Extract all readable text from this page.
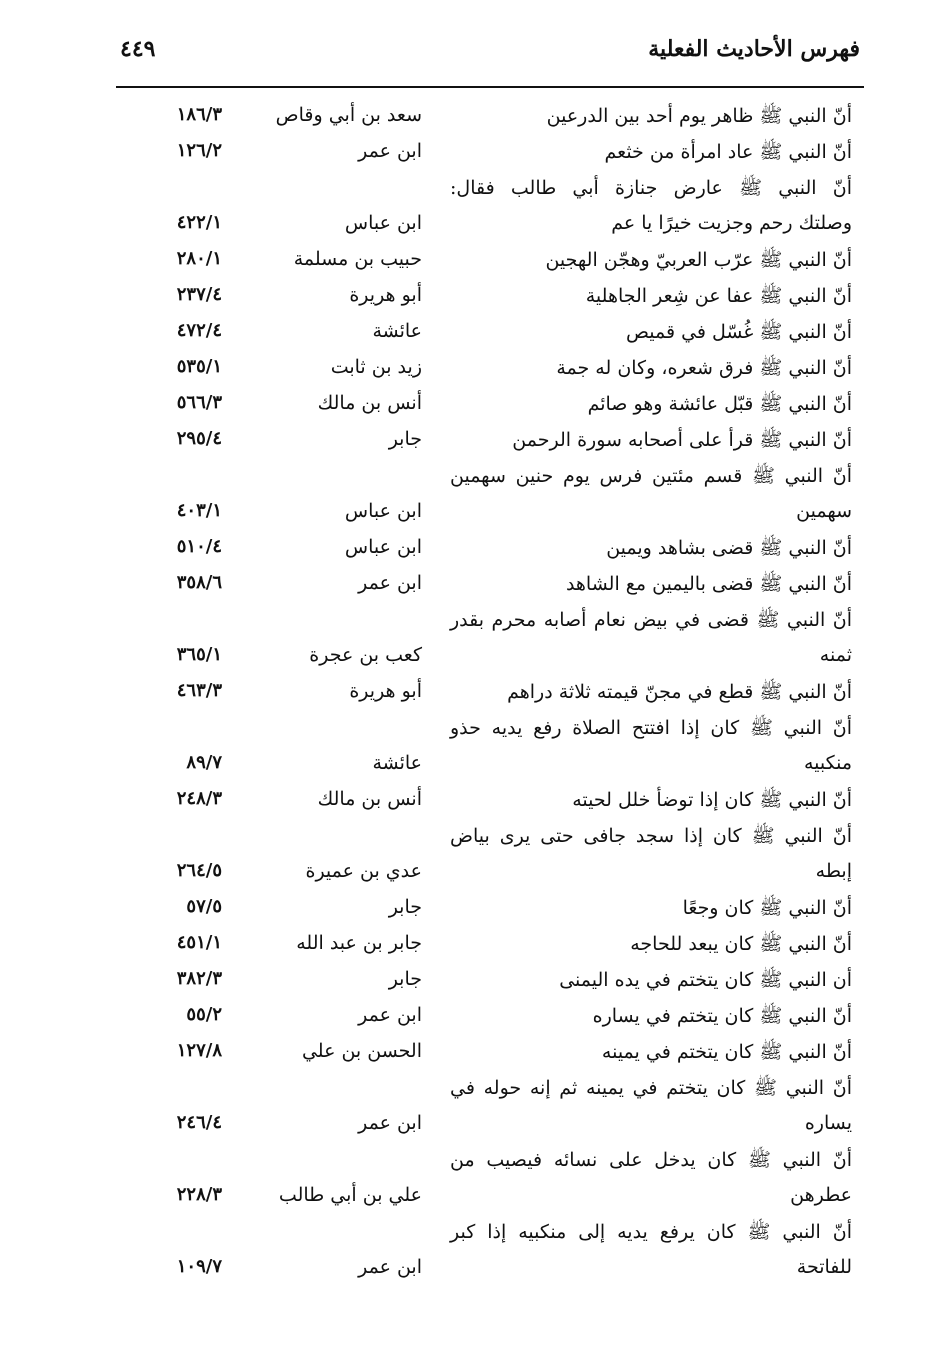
فهرس الأحاديث الفعلية
٤٤٩
أنّ النبي ﷺ ظاهر يوم أحد بين الدرعين
سعد بن أبي وقاص
١٨٦/٣
أنّ النبي ﷺ عاد امرأة من خثعم
ابن عمر
١٢٦/٢
أنّ النبي ﷺ عارض جنازة أبي طالب فقال:
وصلتك رحم وجزيت خيرًا يا عم
ابن عباس
٤٢٢/١
أنّ النبي ﷺ عرّب العربيّ وهجّن الهجين
حبيب بن مسلمة
٢٨٠/١
أنّ النبي ﷺ عفا عن شِعر الجاهلية
أبو هريرة
٢٣٧/٤
أنّ النبي ﷺ غُسّل في قميص
عائشة
٤٧٢/٤
أنّ النبي ﷺ فرق شعره، وكان له جمة
زيد بن ثابت
٥٣٥/١
أنّ النبي ﷺ قبّل عائشة وهو صائم
أنس بن مالك
٥٦٦/٣
أنّ النبي ﷺ قرأ على أصحابه سورة الرحمن
جابر
٢٩٥/٤
أنّ النبي ﷺ قسم مئتين فرس يوم حنين سهمين
سهمين
ابن عباس
٤٠٣/١
أنّ النبي ﷺ قضى بشاهد ويمين
ابن عباس
٥١٠/٤
أنّ النبي ﷺ قضى باليمين مع الشاهد
ابن عمر
٣٥٨/٦
أنّ النبي ﷺ قضى في بيض نعام أصابه محرم بقدر
ثمنه
كعب بن عجرة
٣٦٥/١
أنّ النبي ﷺ قطع في مجنّ قيمته ثلاثة دراهم
أبو هريرة
٤٦٣/٣
أنّ النبي ﷺ كان إذا افتتح الصلاة رفع يديه حذو
منكبيه
عائشة
٨٩/٧
أنّ النبي ﷺ كان إذا توضأ خلل لحيته
أنس بن مالك
٢٤٨/٣
أنّ النبي ﷺ كان إذا سجد جافى حتى يرى بياض
إبطه
عدي بن عميرة
٢٦٤/٥
أنّ النبي ﷺ كان وجعًا
جابر
٥٧/٥
أنّ النبي ﷺ كان يبعد للحاجه
جابر بن عبد الله
٤٥١/١
أن النبي ﷺ كان يتختم في يده اليمنى
جابر
٣٨٢/٣
أنّ النبي ﷺ كان يتختم في يساره
ابن عمر
٥٥/٢
أنّ النبي ﷺ كان يتختم في يمينه
الحسن بن علي
١٢٧/٨
أنّ النبي ﷺ كان يتختم في يمينه ثم إنه حوله في
يساره
ابن عمر
٢٤٦/٤
أنّ النبي ﷺ كان يدخل على نسائه فيصيب من
عطرهن
علي بن أبي طالب
٢٢٨/٣
أنّ النبي ﷺ كان يرفع يديه إلى منكبيه إذا كبر
للفاتحة
ابن عمر
١٠٩/٧
